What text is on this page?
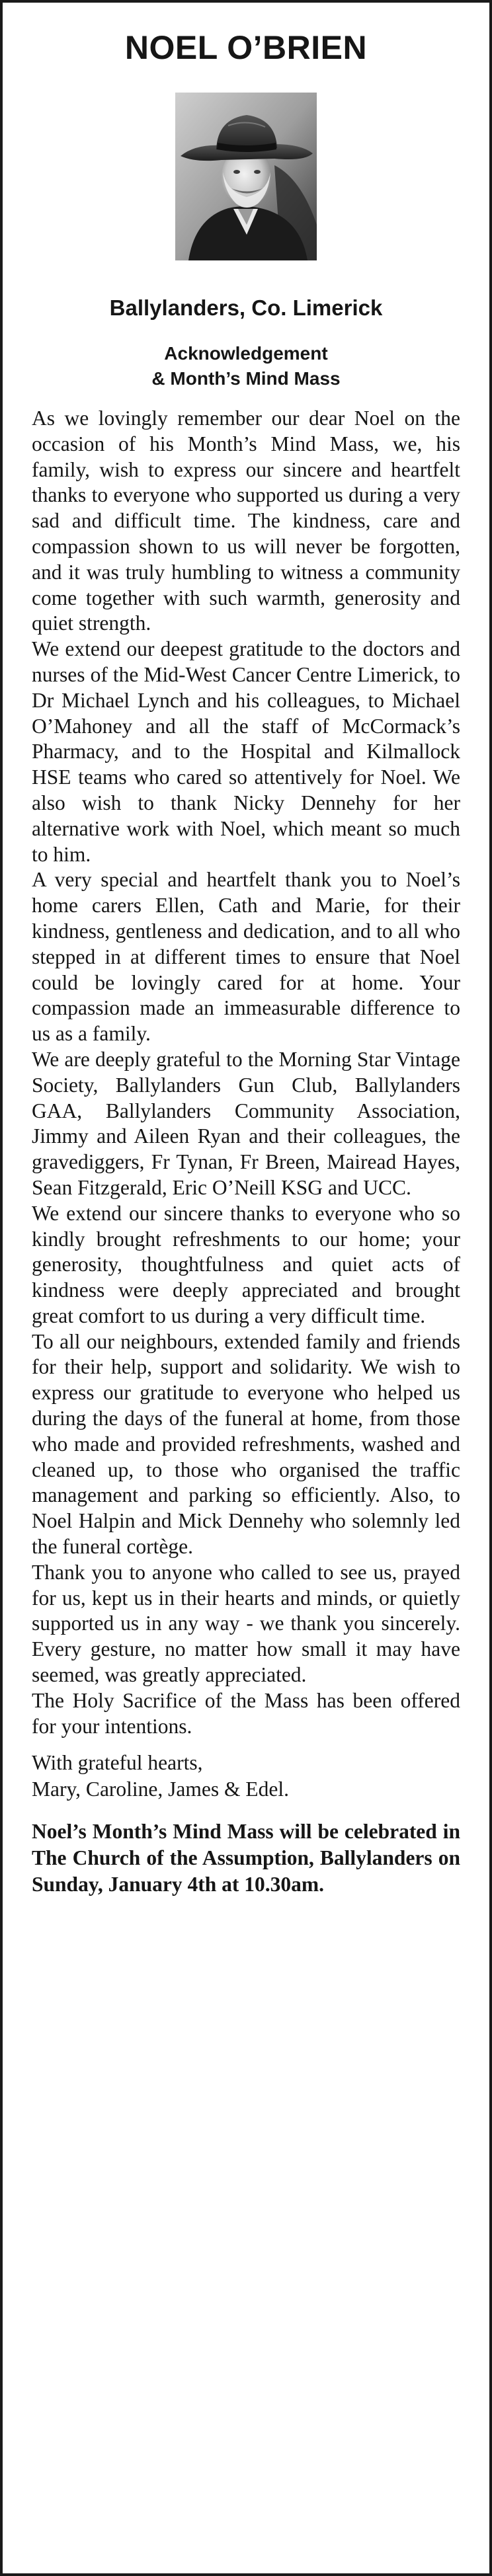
NOEL O’BRIEN
Ballylanders, Co. Limerick
Acknowledgement
& Month’s Mind Mass

As we lovingly remember our dear Noel on the occasion of his Month’s Mind Mass, we, his family, wish to express our sincere and heartfelt thanks to everyone who supported us during a very sad and difficult time. The kindness, care and compassion shown to us will never be forgotten, and it was truly humbling to witness a community come together with such warmth, generosity and quiet strength.

We extend our deepest gratitude to the doctors and nurses of the Mid-West Cancer Centre Limerick, to Dr Michael Lynch and his colleagues, to Michael O’Mahoney and all the staff of McCormack’s Pharmacy, and to the Hospital and Kilmallock HSE teams who cared so attentively for Noel. We also wish to thank Nicky Dennehy for her alternative work with Noel, which meant so much to him.

A very special and heartfelt thank you to Noel’s home carers Ellen, Cath and Marie, for their kindness, gentleness and dedication, and to all who stepped in at different times to ensure that Noel could be lovingly cared for at home. Your compassion made an immeasurable difference to us as a family.

We are deeply grateful to the Morning Star Vintage Society, Ballylanders Gun Club, Ballylanders GAA, Ballylanders Community Association, Jimmy and Aileen Ryan and their colleagues, the gravediggers, Fr Tynan, Fr Breen, Mairead Hayes, Sean Fitzgerald, Eric O’Neill KSG and UCC.

We extend our sincere thanks to everyone who so kindly brought refreshments to our home; your generosity, thoughtfulness and quiet acts of kindness were deeply appreciated and brought great comfort to us during a very difficult time.

To all our neighbours, extended family and friends for their help, support and solidarity. We wish to express our gratitude to everyone who helped us during the days of the funeral at home, from those who made and provided refreshments, washed and cleaned up, to those who organised the traffic management and parking so efficiently. Also, to Noel Halpin and Mick Dennehy who solemnly led the funeral cortège.

Thank you to anyone who called to see us, prayed for us, kept us in their hearts and minds, or quietly supported us in any way - we thank you sincerely. Every gesture, no matter how small it may have seemed, was greatly appreciated.

The Holy Sacrifice of the Mass has been offered for your intentions.

With grateful hearts,

Mary, Caroline, James & Edel.

Noel’s Month’s Mind Mass will be celebrated in The Church of the Assumption, Ballylanders on Sunday, January 4th at 10.30am.
